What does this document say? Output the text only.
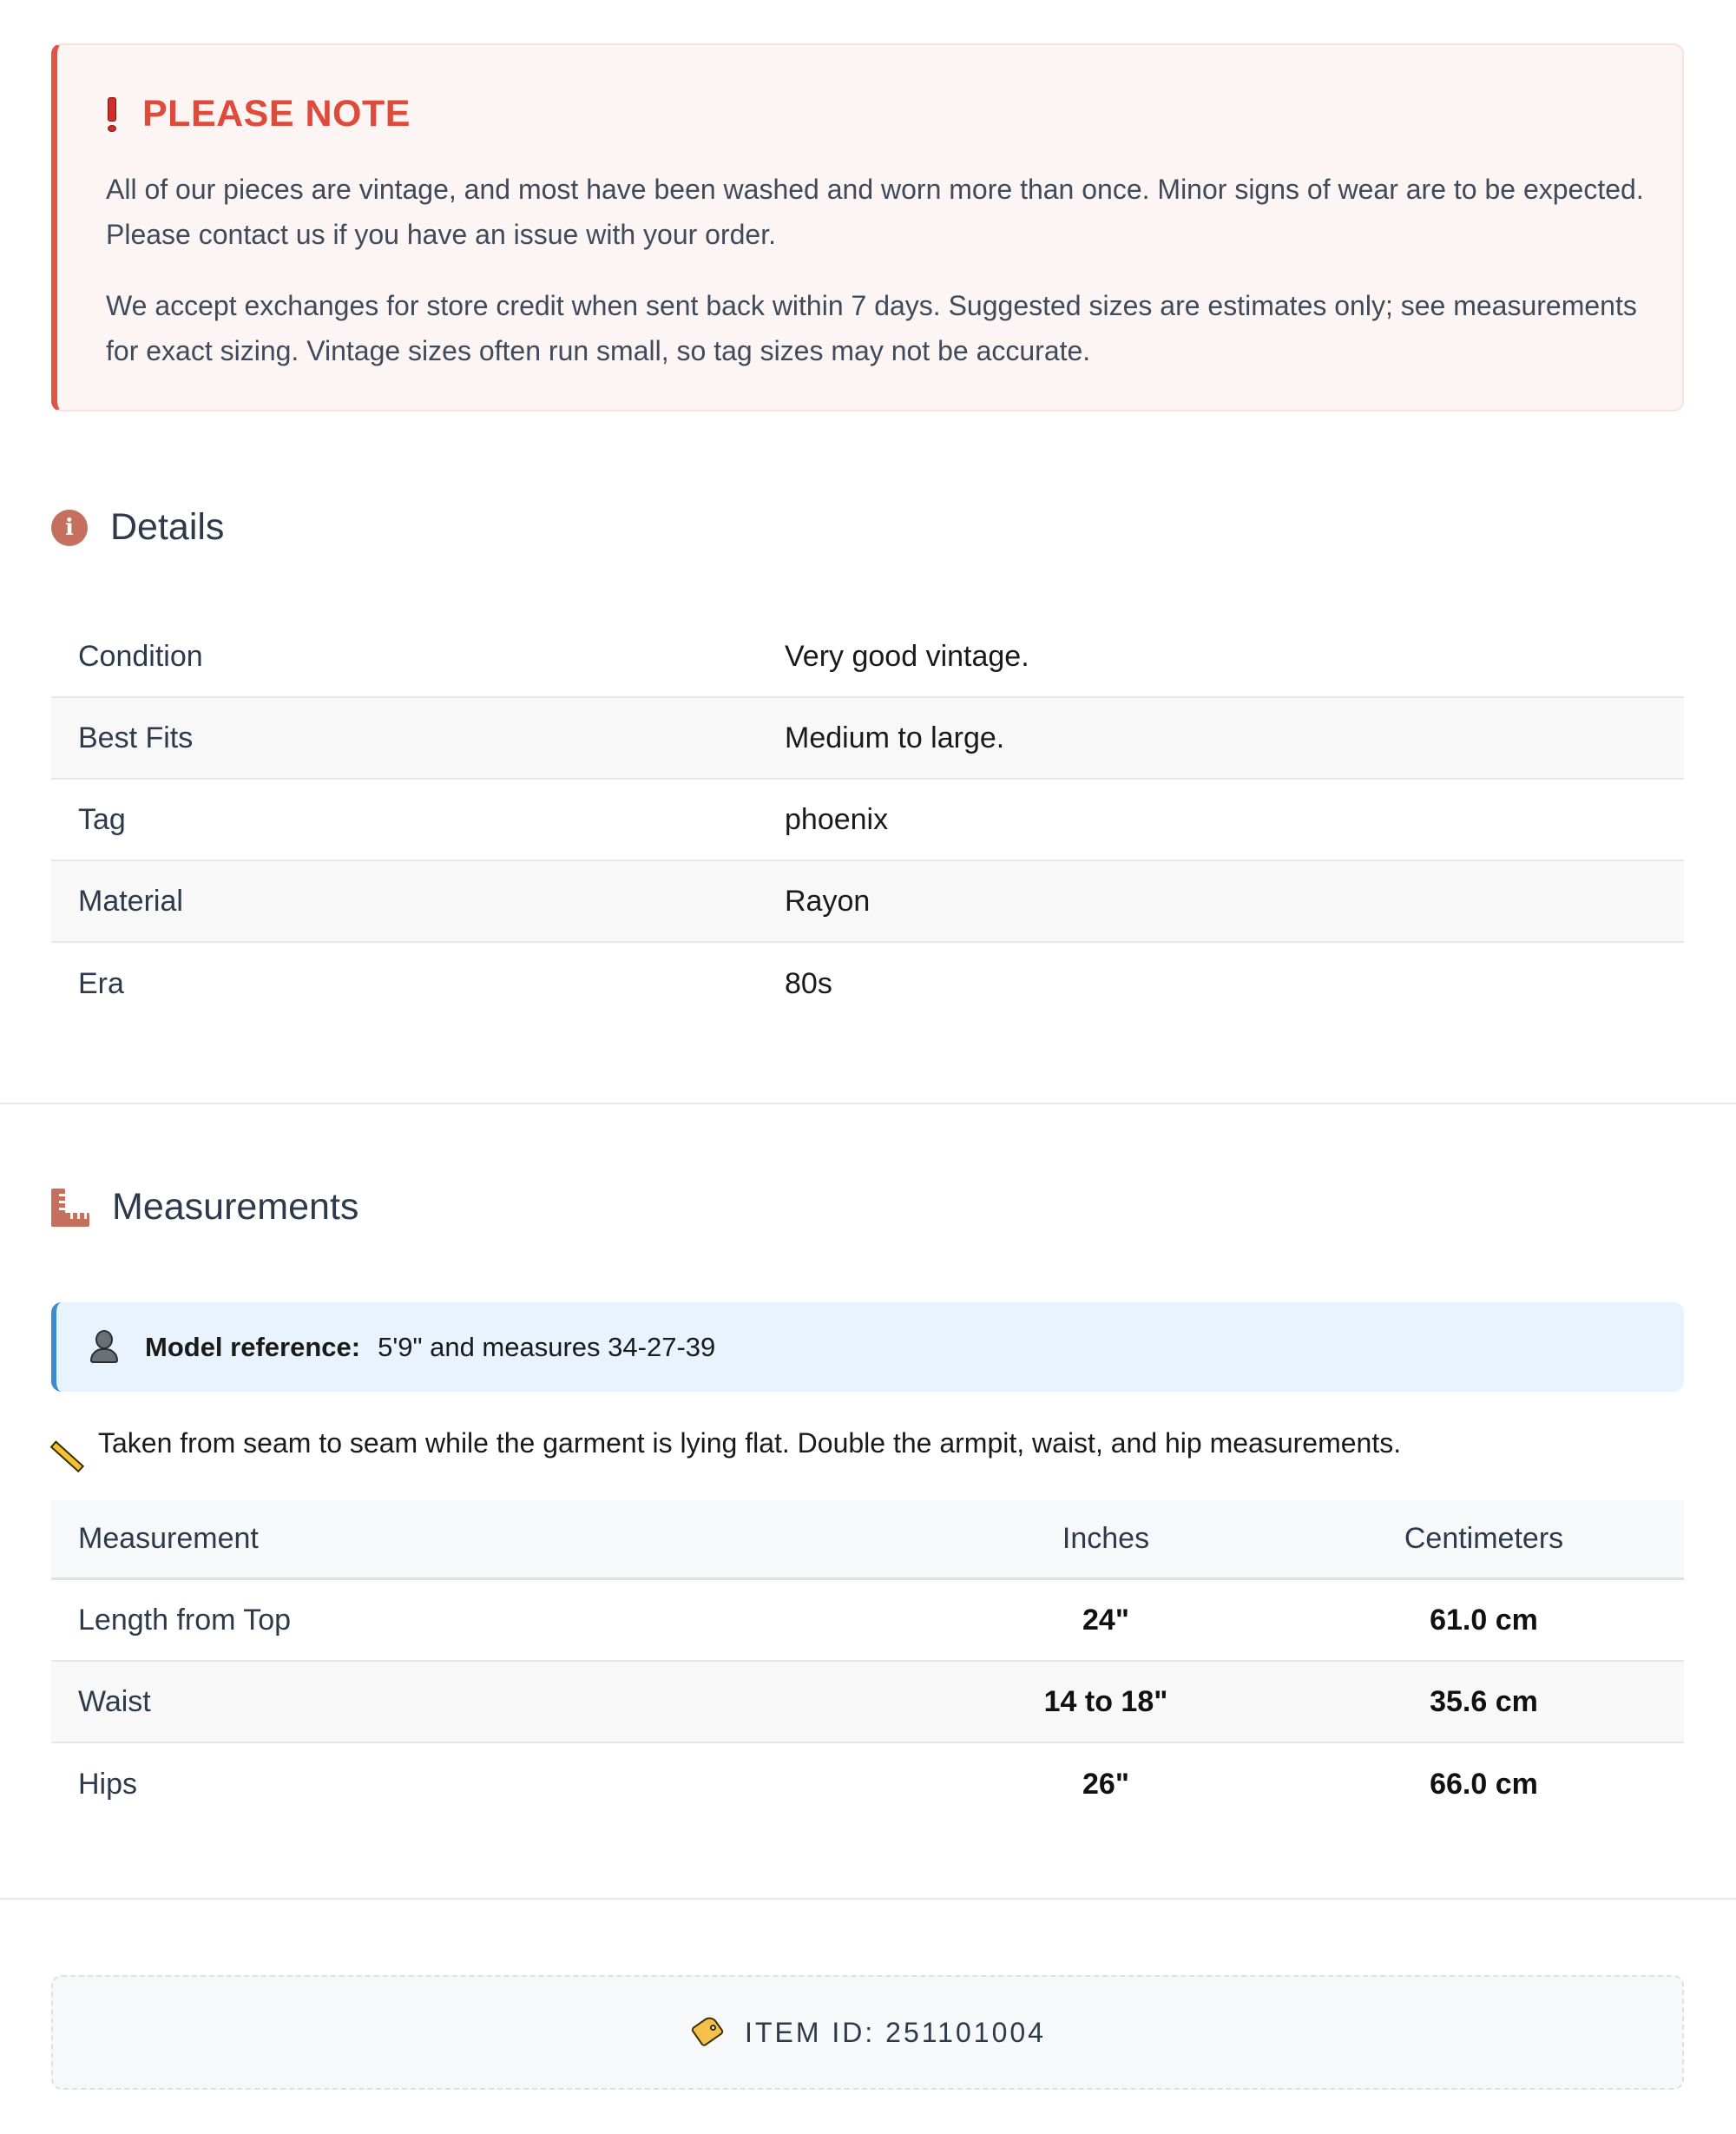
PLEASE NOTE

All of our pieces are vintage, and most have been washed and worn more than once. Minor signs of wear are to be expected. Please contact us if you have an issue with your order.

We accept exchanges for store credit when sent back within 7 days. Suggested sizes are estimates only; see measurements for exact sizing. Vintage sizes often run small, so tag sizes may not be accurate.

i Details
Condition	Very good vintage.
Best Fits	Medium to large.
Tag	phoenix
Material	Rayon
Era	80s
Measurements
Model reference: 5'9" and measures 34-27-39
Taken from seam to seam while the garment is lying flat. Double the armpit, waist, and hip measurements.
Measurement	Inches	Centimeters
Length from Top	24"	61.0 cm
Waist	14 to 18"	35.6 cm
Hips	26"	66.0 cm
ITEM ID: 251101004
